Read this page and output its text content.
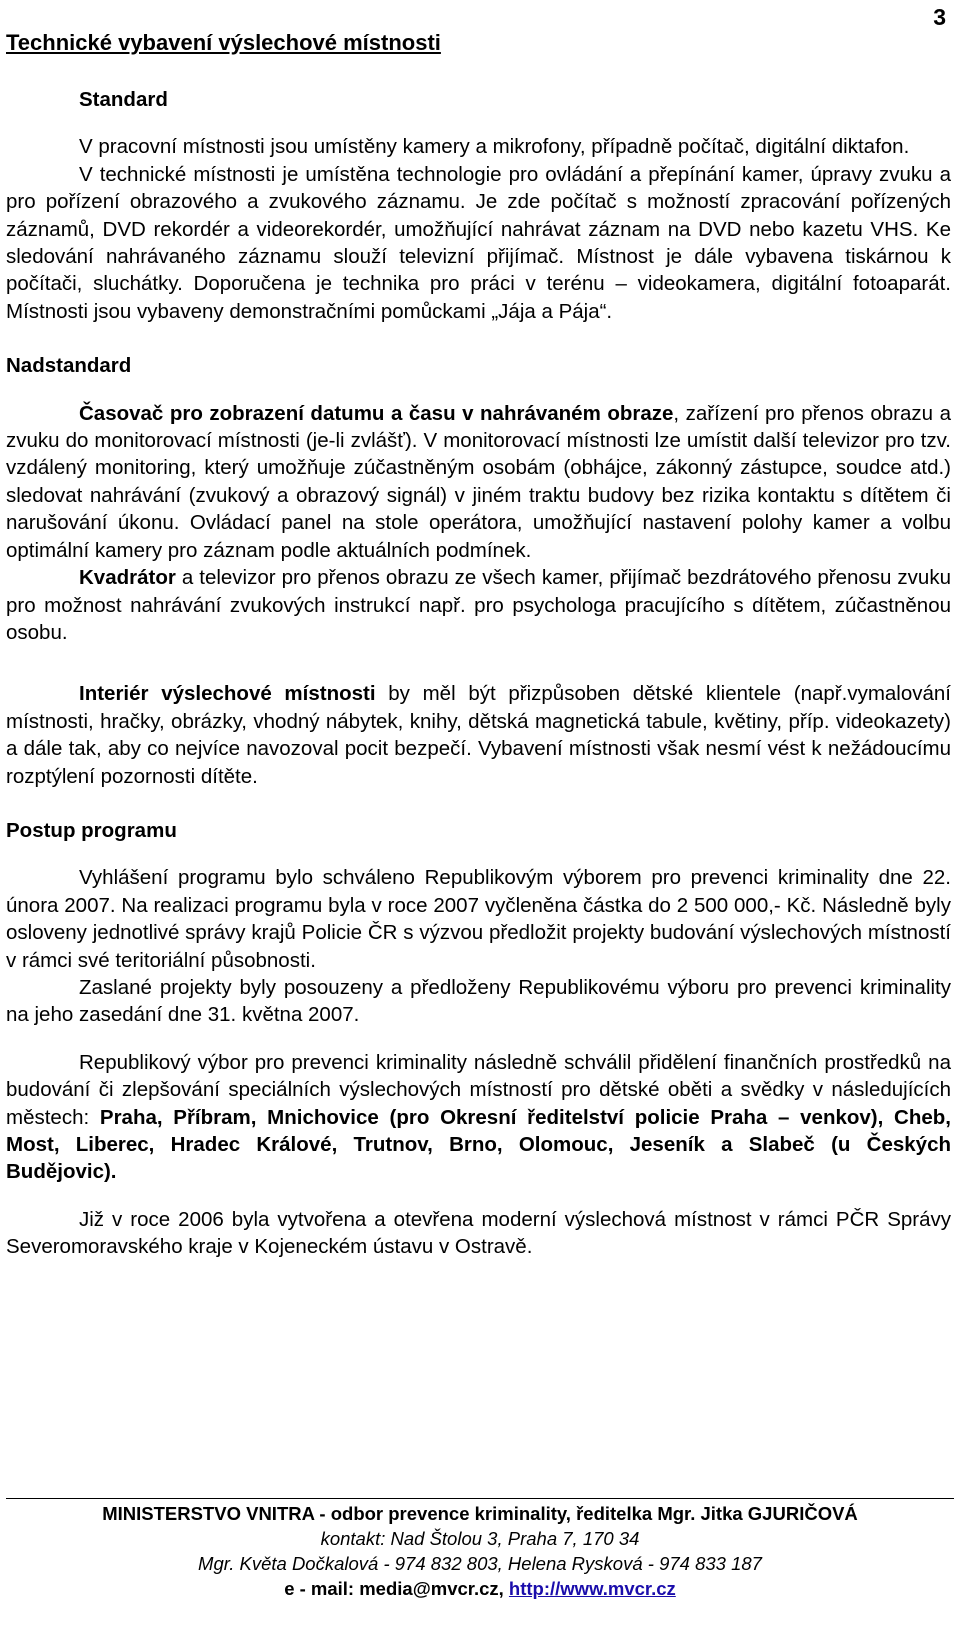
3
Technické vybavení výslechové místnosti

Standard

V pracovní místnosti jsou umístěny kamery a mikrofony, případně počítač, digitální diktafon.

V technické místnosti je umístěna technologie pro ovládání a přepínání kamer, úpravy zvuku a pro pořízení obrazového a zvukového záznamu. Je zde počítač s možností zpracování pořízených záznamů, DVD rekordér a videorekordér, umožňující nahrávat záznam na DVD nebo kazetu VHS. Ke sledování nahrávaného záznamu slouží televizní přijímač. Místnost je dále vybavena tiskárnou k počítači, sluchátky. Doporučena je technika pro práci v terénu – videokamera, digitální fotoaparát. Místnosti jsou vybaveny demonstračními pomůckami „Jája a Pája“.

Nadstandard

Časovač pro zobrazení datumu a času v nahrávaném obraze, zařízení pro přenos obrazu a zvuku do monitorovací místnosti (je-li zvlášť). V monitorovací místnosti lze umístit další televizor pro tzv. vzdálený monitoring, který umožňuje zúčastněným osobám (obhájce, zákonný zástupce, soudce atd.) sledovat nahrávání (zvukový a obrazový signál) v jiném traktu budovy bez rizika kontaktu s dítětem či narušování úkonu. Ovládací panel na stole operátora, umožňující nastavení polohy kamer a volbu optimální kamery pro záznam podle aktuálních podmínek.

Kvadrátor a televizor pro přenos obrazu ze všech kamer, přijímač bezdrátového přenosu zvuku pro možnost nahrávání zvukových instrukcí např. pro psychologa pracujícího s dítětem, zúčastněnou osobu.

Interiér výslechové místnosti by měl být přizpůsoben dětské klientele (např.vymalování místnosti, hračky, obrázky, vhodný nábytek, knihy, dětská magnetická tabule, květiny, příp. videokazety) a dále tak, aby co nejvíce navozoval pocit bezpečí. Vybavení místnosti však nesmí vést k nežádoucímu rozptýlení pozornosti dítěte.

Postup programu

Vyhlášení programu bylo schváleno Republikovým výborem pro prevenci kriminality dne 22. února 2007. Na realizaci programu byla v roce 2007 vyčleněna částka do 2 500 000,- Kč. Následně byly osloveny jednotlivé správy krajů Policie ČR s výzvou předložit projekty budování výslechových místností v rámci své teritoriální působnosti.

Zaslané projekty byly posouzeny a předloženy Republikovému výboru pro prevenci kriminality na jeho zasedání dne 31. května 2007.

Republikový výbor pro prevenci kriminality následně schválil přidělení finančních prostředků na budování či zlepšování speciálních výslechových místností pro dětské oběti a svědky v následujících městech: Praha, Příbram, Mnichovice (pro Okresní ředitelství policie Praha – venkov), Cheb, Most, Liberec, Hradec Králové, Trutnov, Brno, Olomouc, Jeseník a Slabeč (u Českých Budějovic).

Již v roce 2006 byla vytvořena a otevřena moderní výslechová místnost v rámci PČR Správy Severomoravského kraje v Kojeneckém ústavu v Ostravě.

MINISTERSTVO VNITRA - odbor prevence kriminality, ředitelka Mgr. Jitka GJURIČOVÁ
kontakt: Nad Štolou 3, Praha 7, 170 34
Mgr. Květa Dočkalová - 974 832 803, Helena Rysková - 974 833 187
e - mail: media@mvcr.cz, http://www.mvcr.cz
